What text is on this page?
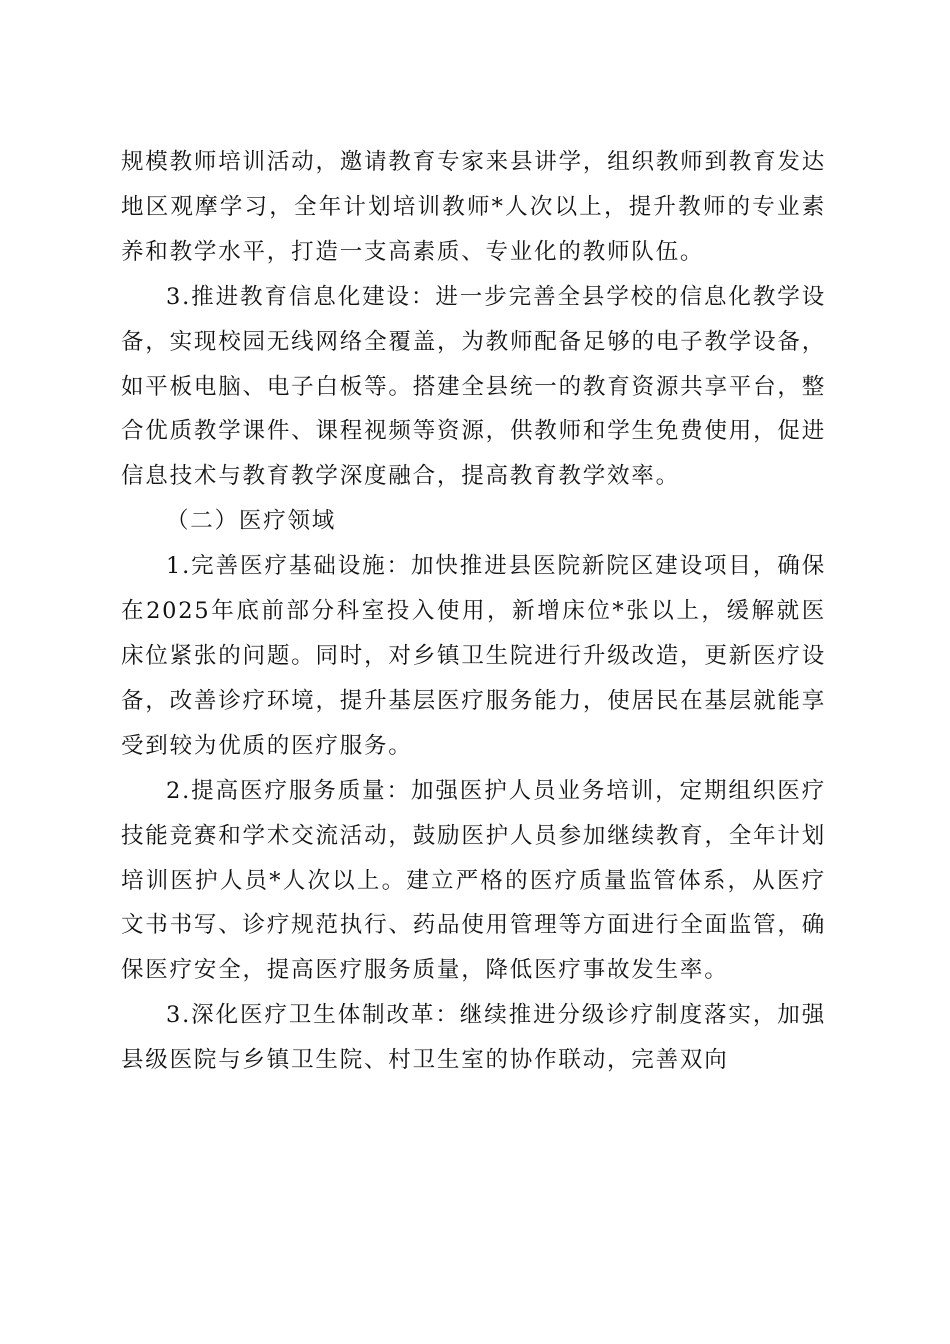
规模教师培训活动，邀请教育专家来县讲学，组织教师到教育发达地区观摩学习，全年计划培训教师*人次以上，提升教师的专业素养和教学水平，打造一支高素质、专业化的教师队伍。

3.推进教育信息化建设：进一步完善全县学校的信息化教学设备，实现校园无线网络全覆盖，为教师配备足够的电子教学设备，如平板电脑、电子白板等。搭建全县统一的教育资源共享平台，整合优质教学课件、课程视频等资源，供教师和学生免费使用，促进信息技术与教育教学深度融合，提高教育教学效率。

（二）医疗领域

1.完善医疗基础设施：加快推进县医院新院区建设项目，确保在2025年底前部分科室投入使用，新增床位*张以上，缓解就医床位紧张的问题。同时，对乡镇卫生院进行升级改造，更新医疗设备，改善诊疗环境，提升基层医疗服务能力，使居民在基层就能享受到较为优质的医疗服务。

2.提高医疗服务质量：加强医护人员业务培训，定期组织医疗技能竞赛和学术交流活动，鼓励医护人员参加继续教育，全年计划培训医护人员*人次以上。建立严格的医疗质量监管体系，从医疗文书书写、诊疗规范执行、药品使用管理等方面进行全面监管，确保医疗安全，提高医疗服务质量，降低医疗事故发生率。

3.深化医疗卫生体制改革：继续推进分级诊疗制度落实，加强县级医院与乡镇卫生院、村卫生室的协作联动，完善双向
